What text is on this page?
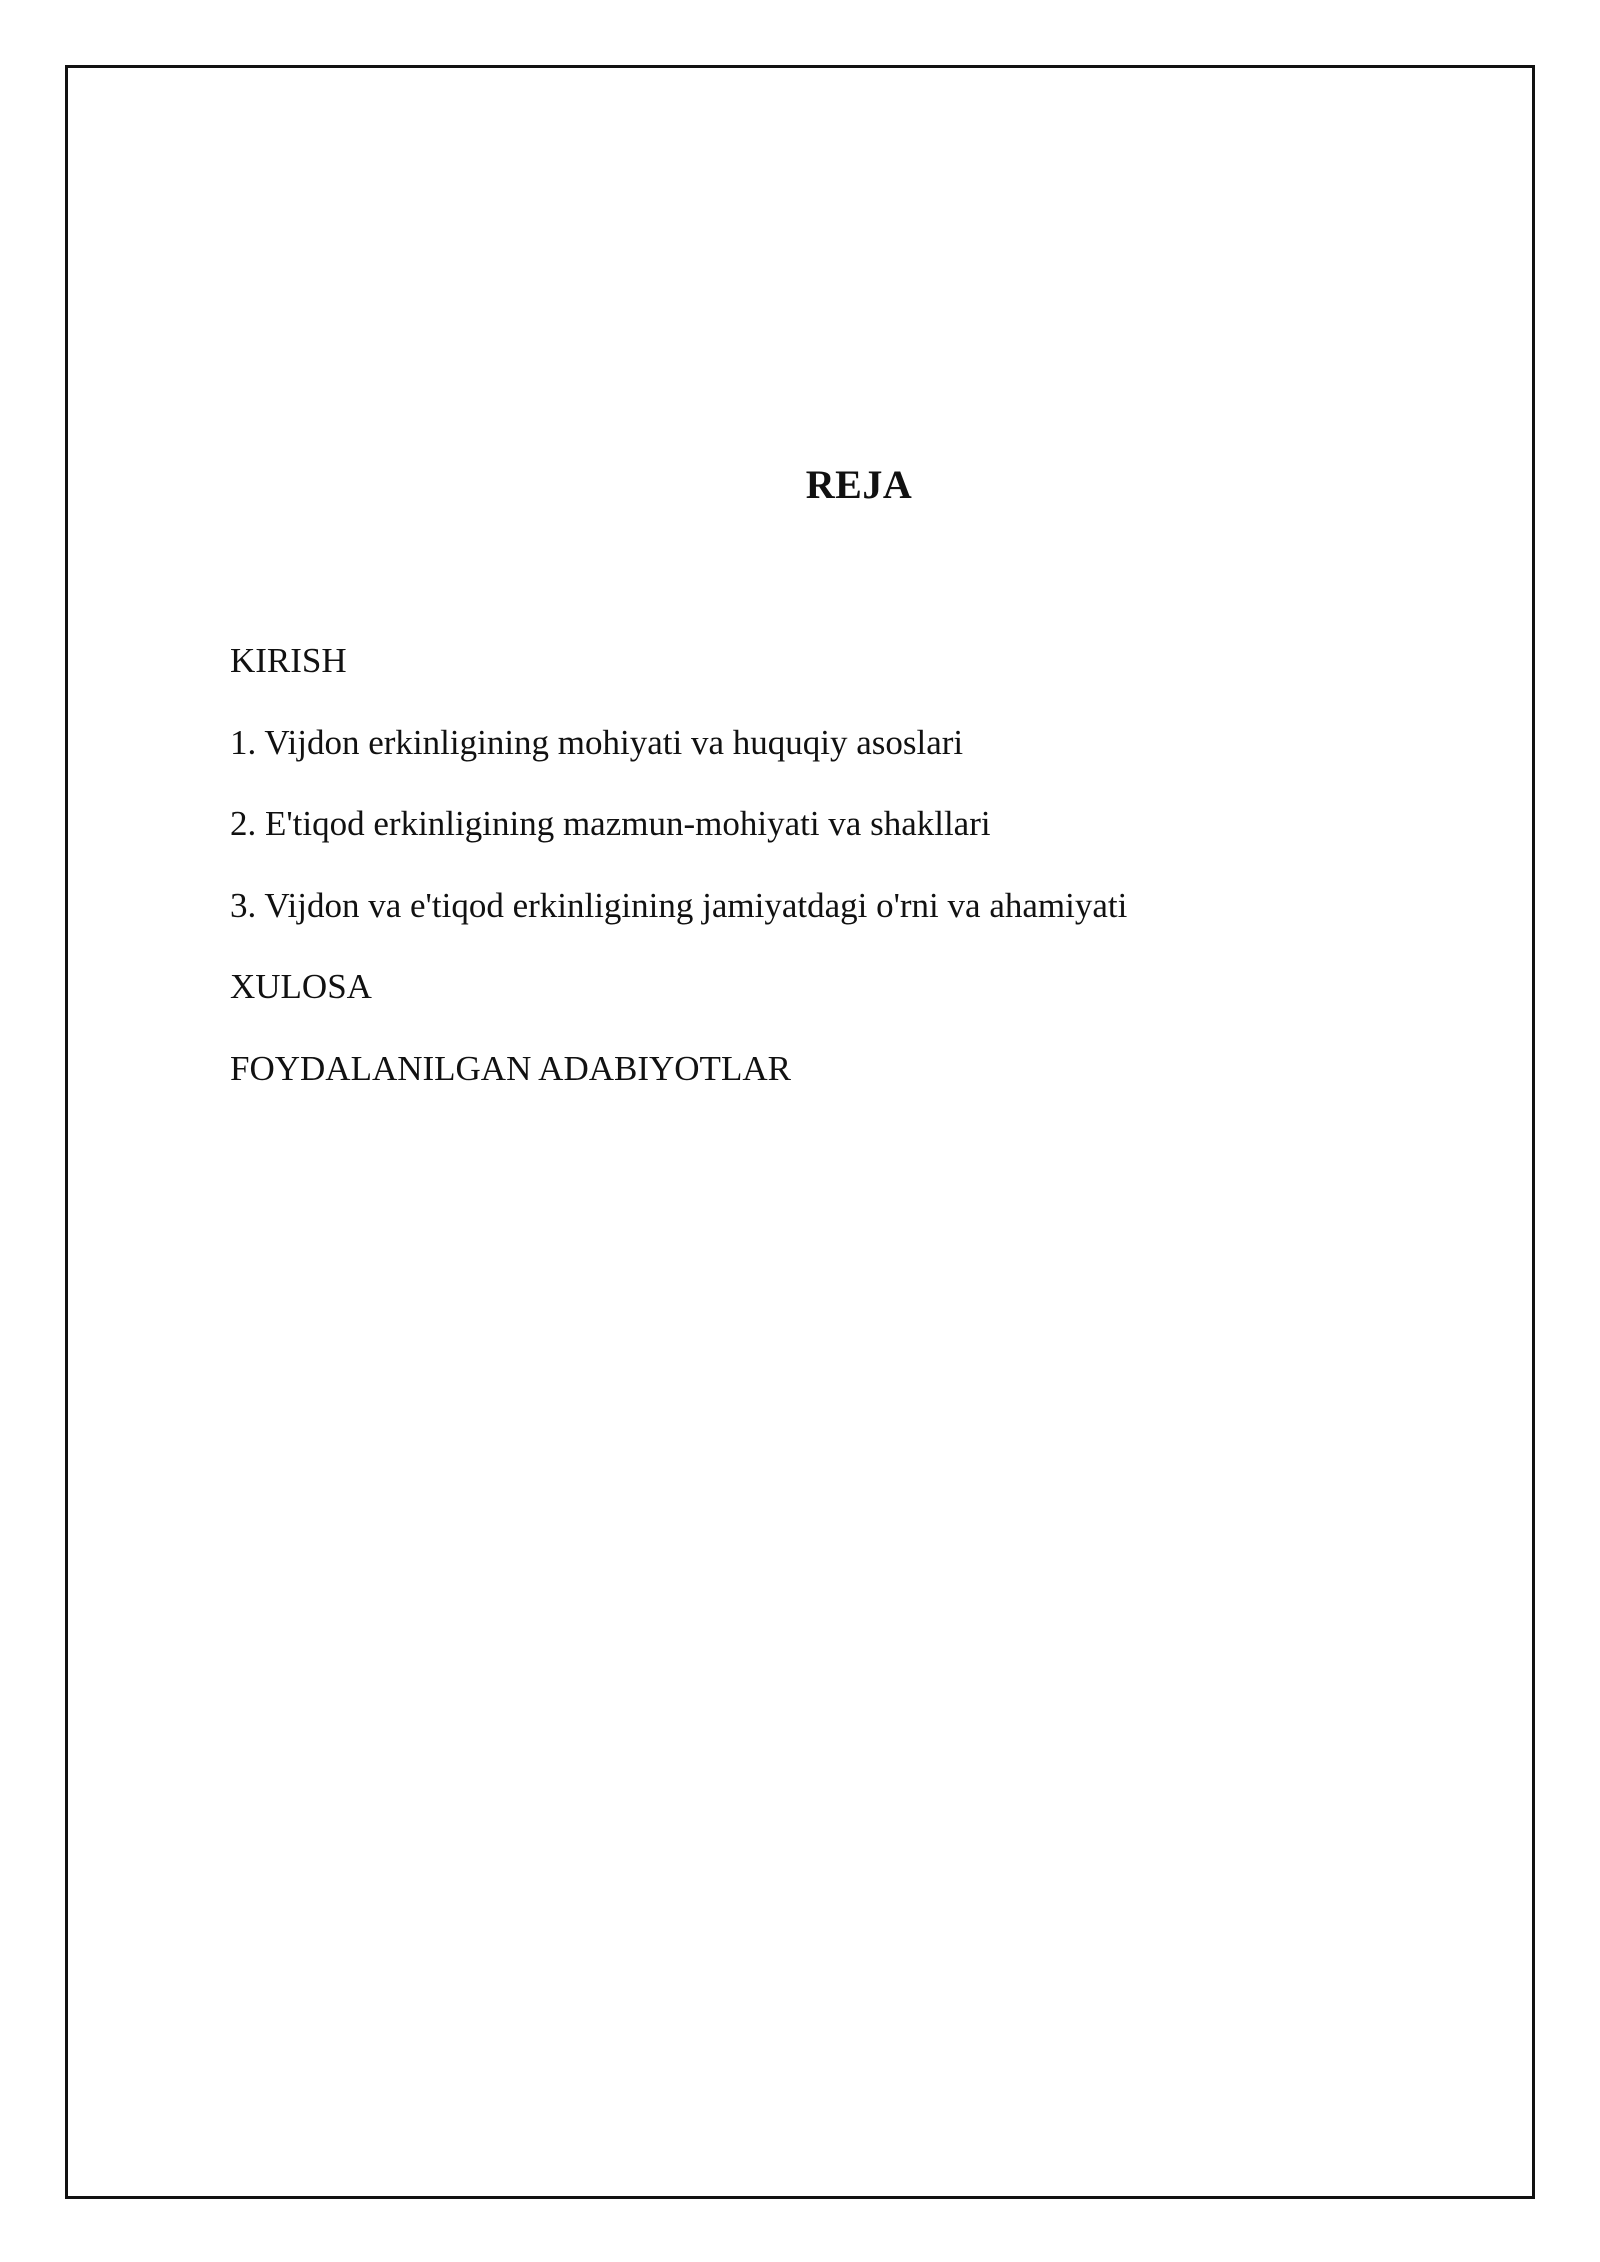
REJA
KIRISH
1. Vijdon erkinligining mohiyati va huquqiy asoslari
2. E'tiqod erkinligining mazmun-mohiyati va shakllari
3. Vijdon va e'tiqod erkinligining jamiyatdagi o'rni va ahamiyati
XULOSA
FOYDALANILGAN ADABIYOTLAR
